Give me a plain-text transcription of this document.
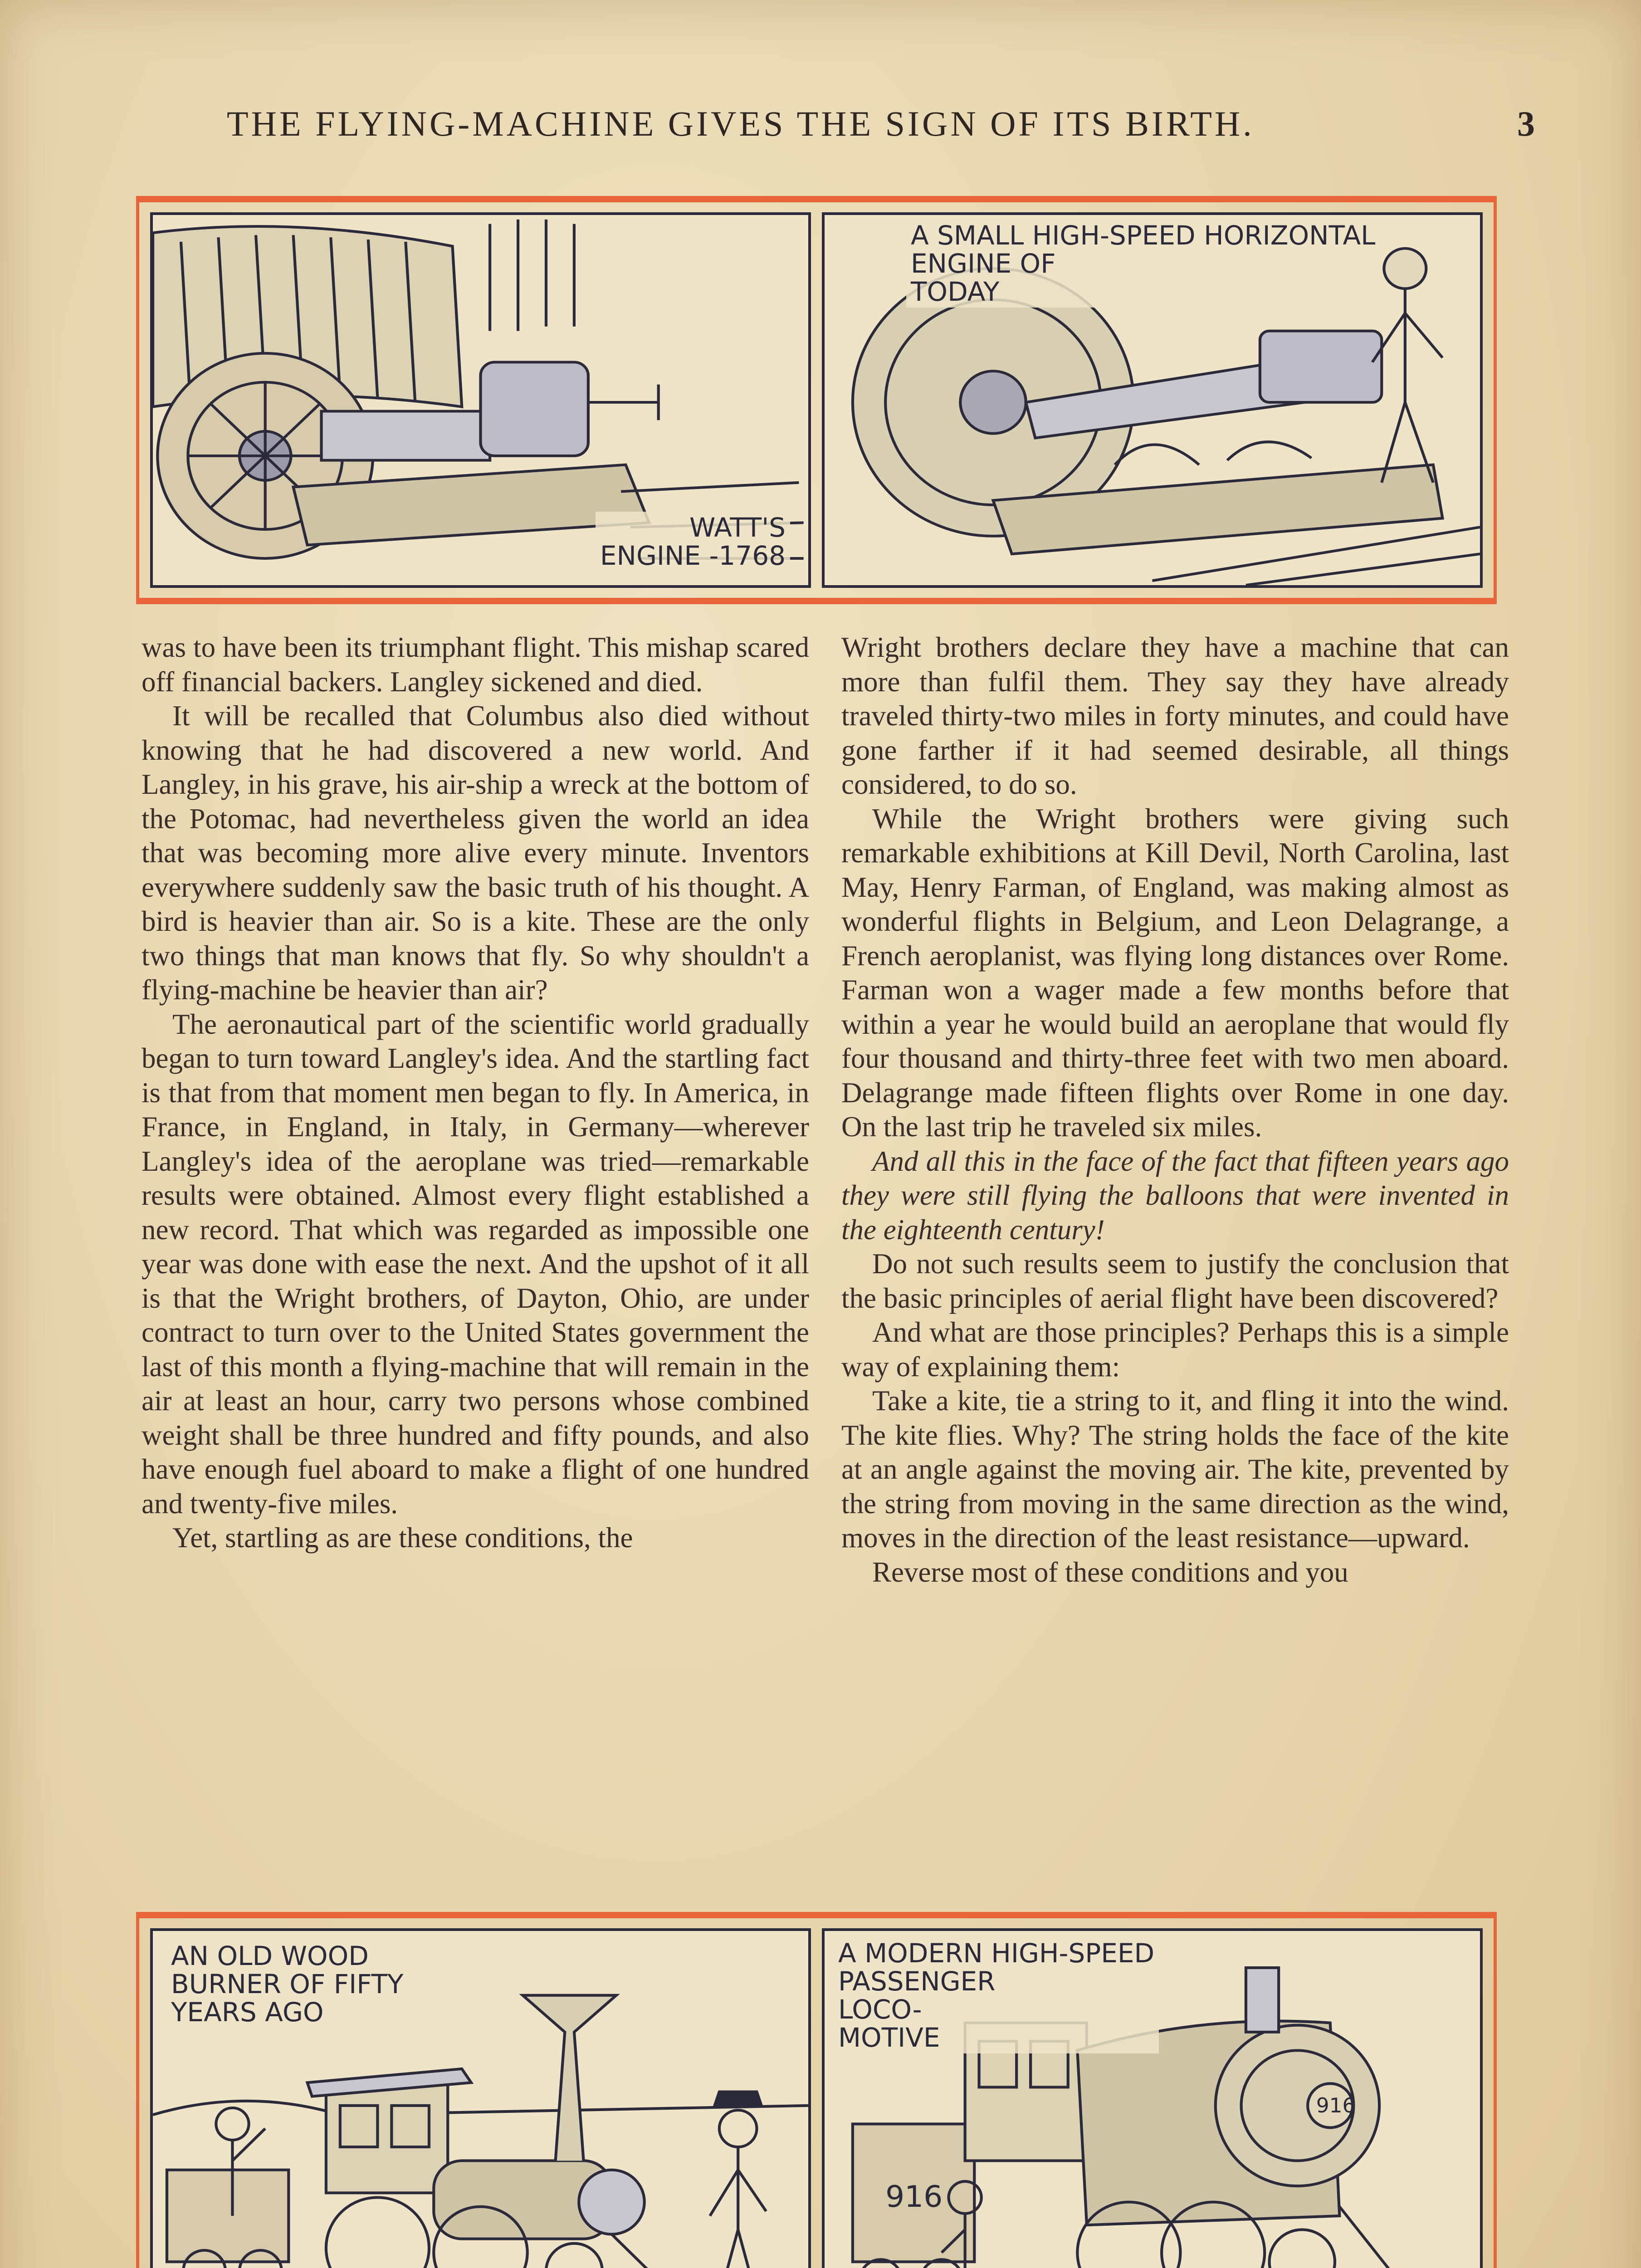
THE FLYING-MACHINE GIVES THE SIGN OF ITS BIRTH.	3
WATT'S
ENGINE -1768
A SMALL HIGH-SPEED HORIZONTAL
ENGINE OF
TODAY

was to have been its triumphant flight. This mishap scared off financial backers. Langley sickened and died.

It will be recalled that Columbus also died without knowing that he had discovered a new world. And Langley, in his grave, his air-ship a wreck at the bottom of the Potomac, had nevertheless given the world an idea that was becoming more alive every minute. Inventors everywhere suddenly saw the basic truth of his thought. A bird is heavier than air. So is a kite. These are the only two things that man knows that fly. So why shouldn't a flying-machine be heavier than air?

The aeronautical part of the scientific world gradually began to turn toward Langley's idea. And the startling fact is that from that moment men began to fly. In America, in France, in England, in Italy, in Germany—wherever Langley's idea of the aeroplane was tried—remarkable results were obtained. Almost every flight established a new record. That which was regarded as impossible one year was done with ease the next. And the upshot of it all is that the Wright brothers, of Dayton, Ohio, are under contract to turn over to the United States government the last of this month a flying-machine that will remain in the air at least an hour, carry two persons whose combined weight shall be three hundred and fifty pounds, and also have enough fuel aboard to make a flight of one hundred and twenty-five miles.

Yet, startling as are these conditions, the

Wright brothers declare they have a machine that can more than fulfil them. They say they have already traveled thirty-two miles in forty minutes, and could have gone farther if it had seemed desirable, all things considered, to do so.

While the Wright brothers were giving such remarkable exhibitions at Kill Devil, North Carolina, last May, Henry Farman, of England, was making almost as wonderful flights in Belgium, and Leon Delagrange, a French aeroplanist, was flying long distances over Rome. Farman won a wager made a few months before that within a year he would build an aeroplane that would fly four thousand and thirty-three feet with two men aboard. Delagrange made fifteen flights over Rome in one day. On the last trip he traveled six miles.

And all this in the face of the fact that fifteen years ago they were still flying the balloons that were invented in the eighteenth century!

Do not such results seem to justify the conclusion that the basic principles of aerial flight have been discovered?

And what are those principles? Perhaps this is a simple way of explaining them:

Take a kite, tie a string to it, and fling it into the wind. The kite flies. Why? The string holds the face of the kite at an angle against the moving air. The kite, prevented by the string from moving in the same direction as the wind, moves in the direction of the least resistance—upward.

Reverse most of these conditions and you

AN OLD WOOD
BURNER OF FIFTY
YEARS AGO
916
916
A MODERN HIGH-SPEED
PASSENGER
LOCO-
MOTIVE
